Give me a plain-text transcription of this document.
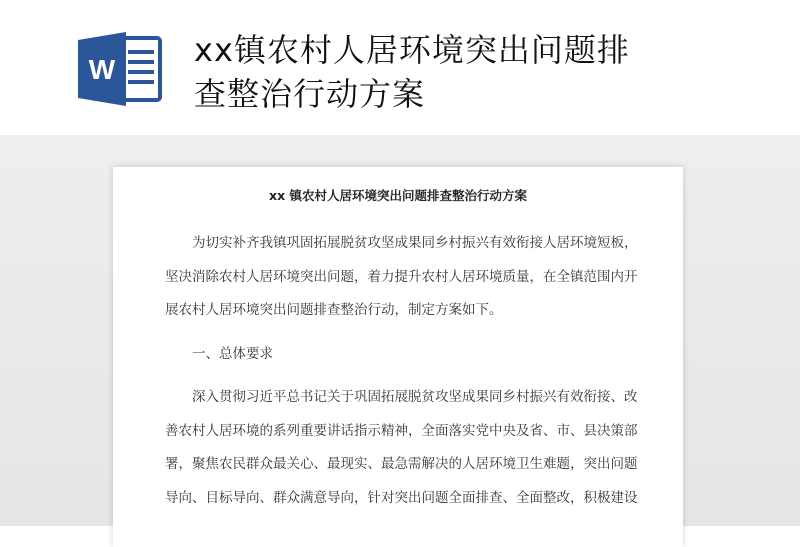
W
xx镇农村人居环境突出问题排
查整治行动方案
xx 镇农村人居环境突出问题排查整治行动方案

为切实补齐我镇巩固拓展脱贫攻坚成果同乡村振兴有效衔接人居环境短板，
坚决消除农村人居环境突出问题，着力提升农村人居环境质量，在全镇范围内开
展农村人居环境突出问题排查整治行动，制定方案如下。

一、总体要求

深入贯彻习近平总书记关于巩固拓展脱贫攻坚成果同乡村振兴有效衔接、改
善农村人居环境的系列重要讲话指示精神，全面落实党中央及省、市、县决策部
署，聚焦农民群众最关心、最现实、最急需解决的人居环境卫生难题，突出问题
导向、目标导向、群众满意导向，针对突出问题全面排查、全面整改，积极建设
